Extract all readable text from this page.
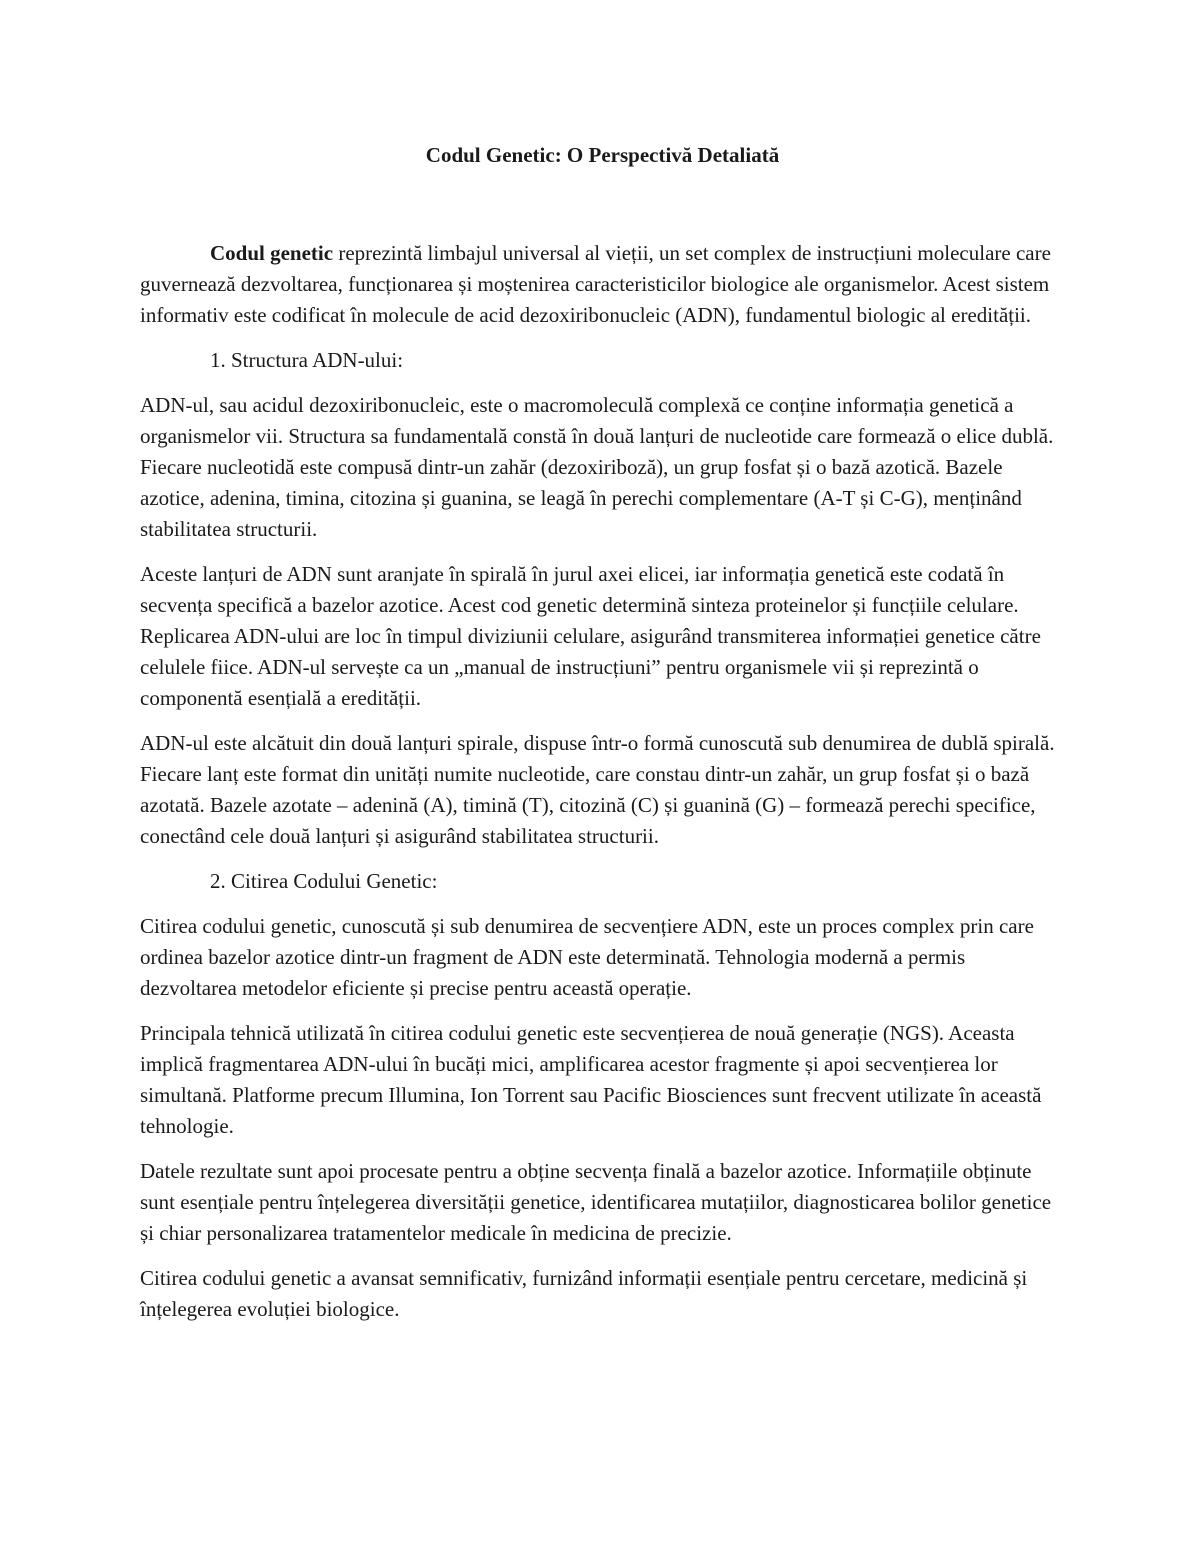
Codul Genetic: O Perspectivă Detaliată

Codul genetic reprezintă limbajul universal al vieții, un set complex de instrucțiuni moleculare care guvernează dezvoltarea, funcționarea și moștenirea caracteristicilor biologice ale organismelor. Acest sistem informativ este codificat în molecule de acid dezoxiribonucleic (ADN), fundamentul biologic al eredității.

1. Structura ADN-ului:

ADN-ul, sau acidul dezoxiribonucleic, este o macromoleculă complexă ce conține informația genetică a organismelor vii. Structura sa fundamentală constă în două lanțuri de nucleotide care formează o elice dublă. Fiecare nucleotidă este compusă dintr-un zahăr (dezoxiriboză), un grup fosfat și o bază azotică. Bazele azotice, adenina, timina, citozina și guanina, se leagă în perechi complementare (A-T și C-G), menținând stabilitatea structurii.

Aceste lanțuri de ADN sunt aranjate în spirală în jurul axei elicei, iar informația genetică este codată în secvența specifică a bazelor azotice. Acest cod genetic determină sinteza proteinelor și funcțiile celulare. Replicarea ADN-ului are loc în timpul diviziunii celulare, asigurând transmiterea informației genetice către celulele fiice. ADN-ul servește ca un „manual de instrucțiuni” pentru organismele vii și reprezintă o componentă esențială a eredității.

ADN-ul este alcătuit din două lanțuri spirale, dispuse într-o formă cunoscută sub denumirea de dublă spirală. Fiecare lanț este format din unități numite nucleotide, care constau dintr-un zahăr, un grup fosfat și o bază azotată. Bazele azotate – adenină (A), timină (T), citozină (C) și guanină (G) – formează perechi specifice, conectând cele două lanțuri și asigurând stabilitatea structurii.

2. Citirea Codului Genetic:

Citirea codului genetic, cunoscută și sub denumirea de secvențiere ADN, este un proces complex prin care ordinea bazelor azotice dintr-un fragment de ADN este determinată. Tehnologia modernă a permis dezvoltarea metodelor eficiente și precise pentru această operație.

Principala tehnică utilizată în citirea codului genetic este secvențierea de nouă generație (NGS). Aceasta implică fragmentarea ADN-ului în bucăți mici, amplificarea acestor fragmente și apoi secvențierea lor simultană. Platforme precum Illumina, Ion Torrent sau Pacific Biosciences sunt frecvent utilizate în această tehnologie.

Datele rezultate sunt apoi procesate pentru a obține secvența finală a bazelor azotice. Informațiile obținute sunt esențiale pentru înțelegerea diversității genetice, identificarea mutațiilor, diagnosticarea bolilor genetice și chiar personalizarea tratamentelor medicale în medicina de precizie.

Citirea codului genetic a avansat semnificativ, furnizând informații esențiale pentru cercetare, medicină și înțelegerea evoluției biologice.
